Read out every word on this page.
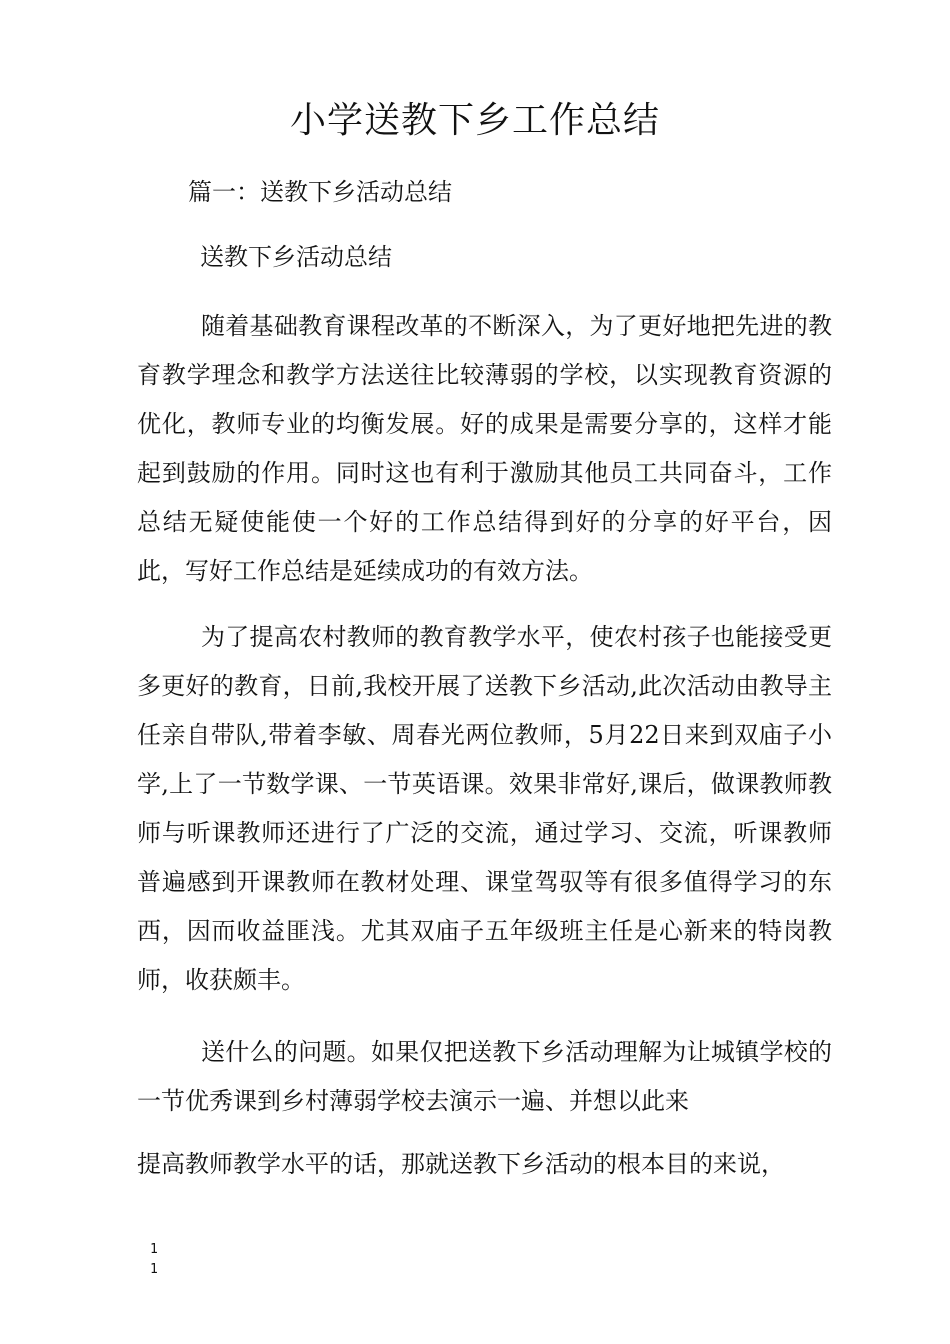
小学送教下乡工作总结
篇一：送教下乡活动总结
送教下乡活动总结

随着基础教育课程改革的不断深入，为了更好地把先进的教育教学理念和教学方法送往比较薄弱的学校，以实现教育资源的优化，教师专业的均衡发展。好的成果是需要分享的，这样才能起到鼓励的作用。同时这也有利于激励其他员工共同奋斗，工作总结无疑使能使一个好的工作总结得到好的分享的好平台，因此，写好工作总结是延续成功的有效方法。

为了提高农村教师的教育教学水平，使农村孩子也能接受更多更好的教育，日前,我校开展了送教下乡活动,此次活动由教导主任亲自带队,带着李敏、周春光两位教师，5月22日来到双庙子小学,上了一节数学课、一节英语课。效果非常好,课后，做课教师教师与听课教师还进行了广泛的交流，通过学习、交流，听课教师普遍感到开课教师在教材处理、课堂驾驭等有很多值得学习的东西，因而收益匪浅。尤其双庙子五年级班主任是心新来的特岗教师，收获颇丰。

送什么的问题。如果仅把送教下乡活动理解为让城镇学校的一节优秀课到乡村薄弱学校去演示一遍、并想以此来

提高教师教学水平的话，那就送教下乡活动的根本目的来说，

1
1
